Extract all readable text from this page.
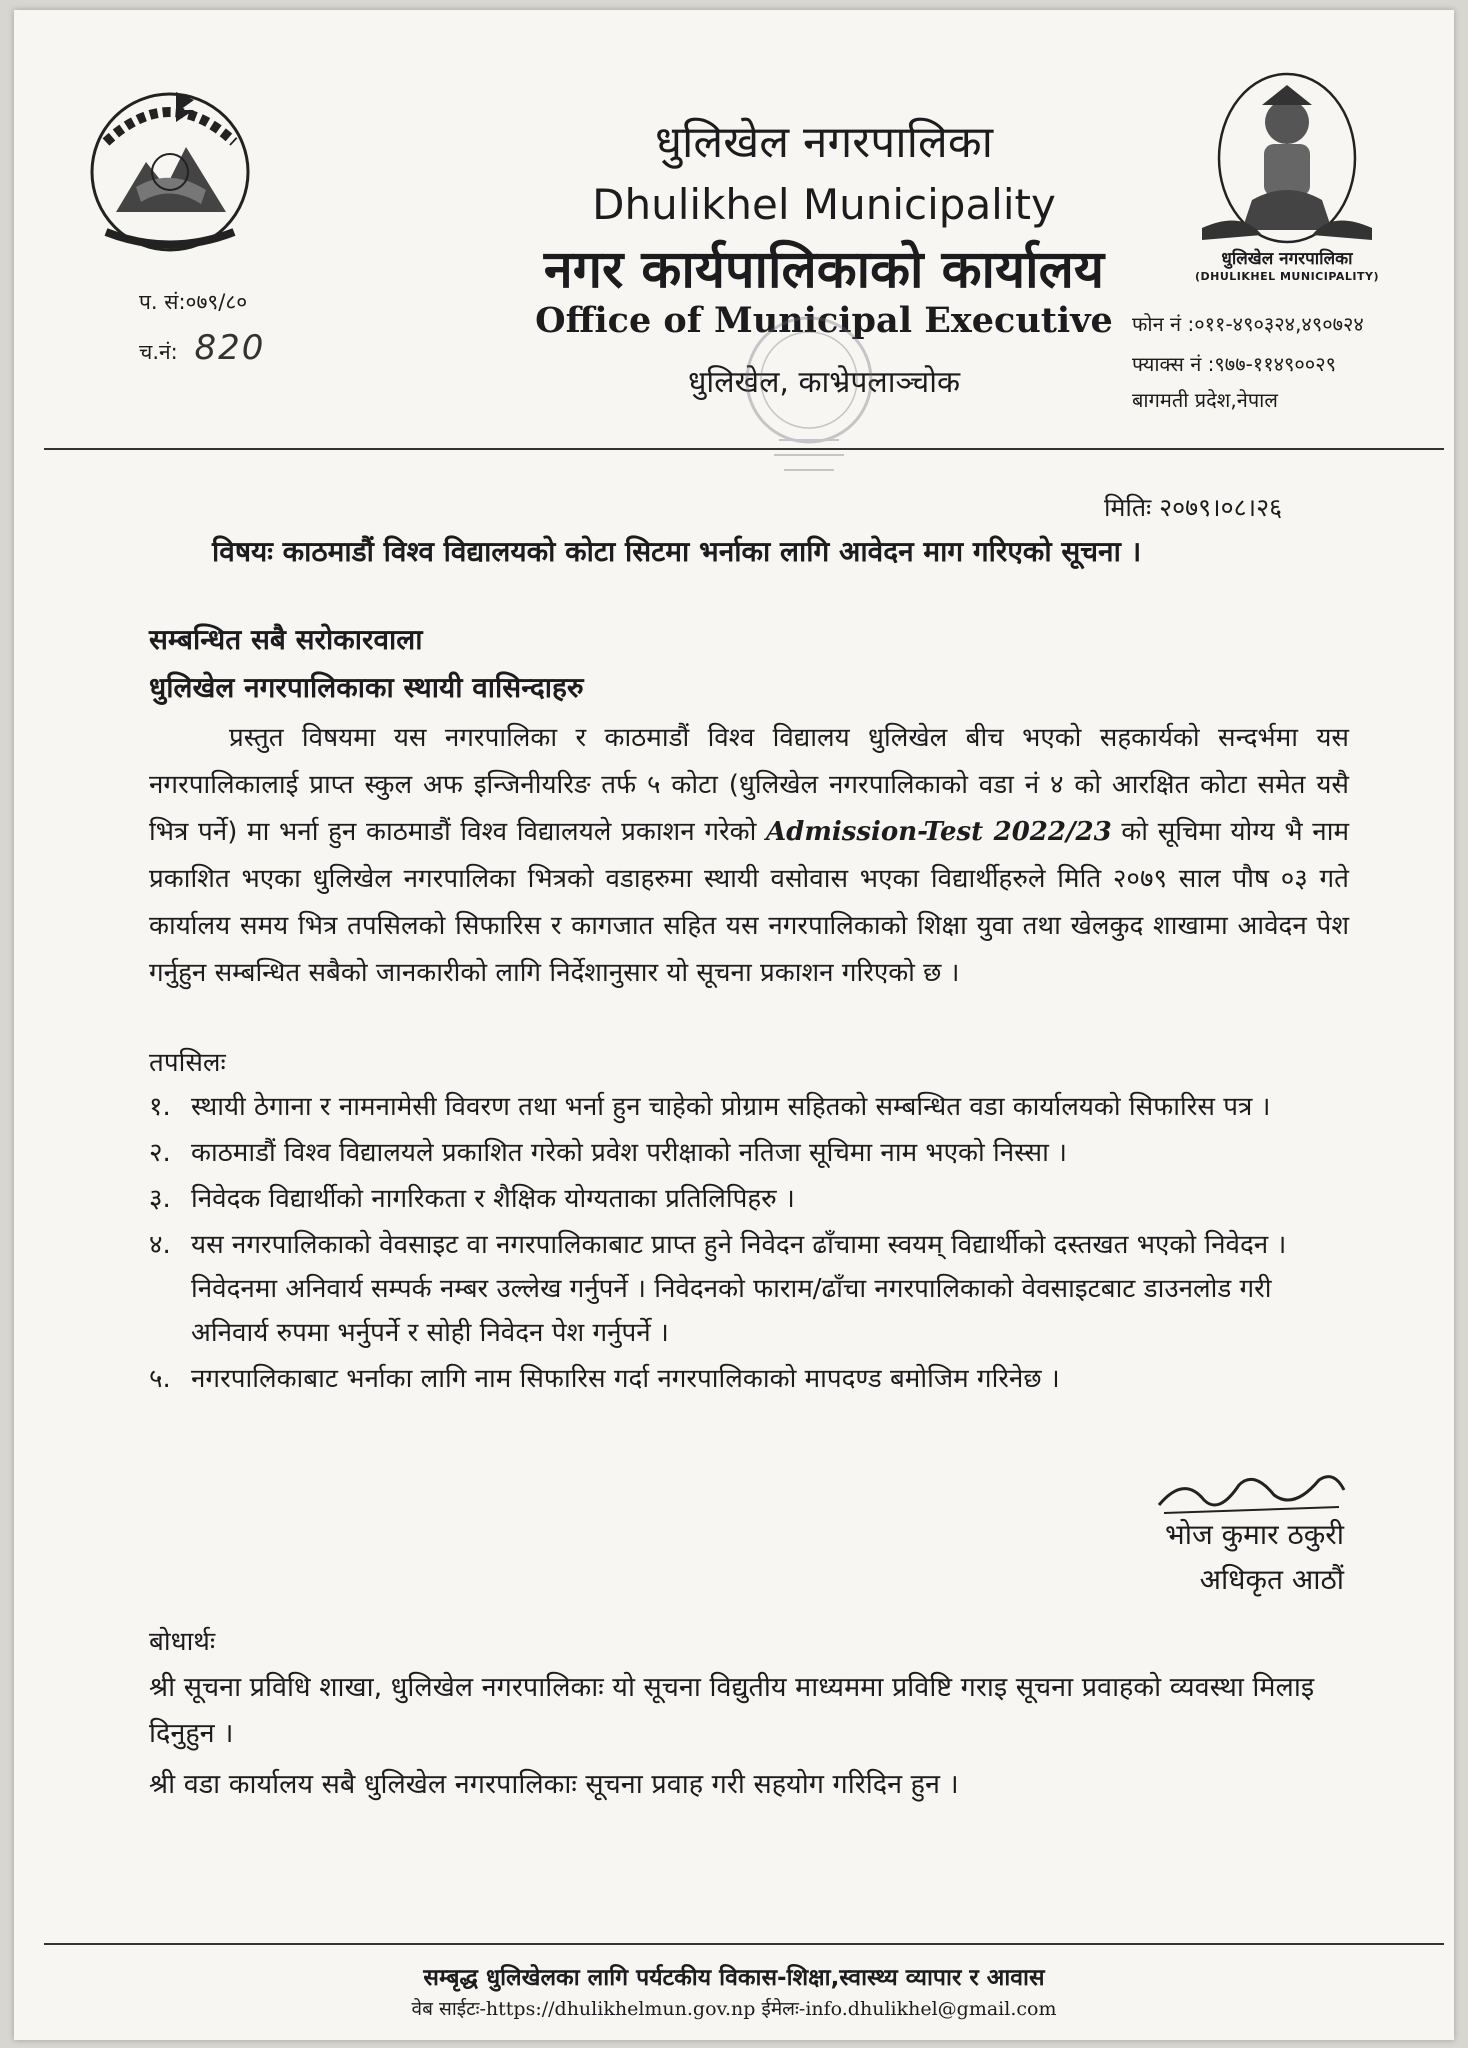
धुलिखेल नगरपालिका
(DHULIKHEL MUNICIPALITY)
धुलिखेल नगरपालिका
Dhulikhel Municipality
नगर कार्यपालिकाको कार्यालय
Office of Municipal Executive
धुलिखेल, काभ्रेपलाञ्चोक
प. सं:०७९/८०
च.नं: 820
फोन नं :०११-४९०३२४,४९०७२४
फ्याक्स नं :९७७-११४९००२९
बागमती प्रदेश,नेपाल
मितिः २०७९।०८।२६
विषयः काठमाडौं विश्व विद्यालयको कोटा सिटमा भर्नाका लागि आवेदन माग गरिएको सूचना ।
सम्बन्धित सबै सरोकारवाला
धुलिखेल नगरपालिकाका स्थायी वासिन्दाहरु
प्रस्तुत विषयमा यस नगरपालिका र काठमाडौं विश्व विद्यालय धुलिखेल बीच भएको सहकार्यको सन्दर्भमा यस नगरपालिकालाई प्राप्त स्कुल अफ इन्जिनीयरिङ तर्फ ५ कोटा (धुलिखेल नगरपालिकाको वडा नं ४ को आरक्षित कोटा समेत यसै भित्र पर्ने) मा भर्ना हुन काठमाडौं विश्व विद्यालयले प्रकाशन गरेको Admission-Test 2022/23 को सूचिमा योग्य भै नाम प्रकाशित भएका धुलिखेल नगरपालिका भित्रको वडाहरुमा स्थायी वसोवास भएका विद्यार्थीहरुले मिति २०७९ साल पौष ०३ गते कार्यालय समय भित्र तपसिलको सिफारिस र कागजात सहित यस नगरपालिकाको शिक्षा युवा तथा खेलकुद शाखामा आवेदन पेश गर्नुहुन सम्बन्धित सबैको जानकारीको लागि निर्देशानुसार यो सूचना प्रकाशन गरिएको छ ।
तपसिलः
१. स्थायी ठेगाना र नामनामेसी विवरण तथा भर्ना हुन चाहेको प्रोग्राम सहितको सम्बन्धित वडा कार्यालयको सिफारिस पत्र ।
२. काठमाडौं विश्व विद्यालयले प्रकाशित गरेको प्रवेश परीक्षाको नतिजा सूचिमा नाम भएको निस्सा ।
३. निवेदक विद्यार्थीको नागरिकता र शैक्षिक योग्यताका प्रतिलिपिहरु ।
४. यस नगरपालिकाको वेवसाइट वा नगरपालिकाबाट प्राप्त हुने निवेदन ढाँचामा स्वयम् विद्यार्थीको दस्तखत भएको निवेदन । निवेदनमा अनिवार्य सम्पर्क नम्बर उल्लेख गर्नुपर्ने । निवेदनको फाराम/ढाँचा नगरपालिकाको वेवसाइटबाट डाउनलोड गरी अनिवार्य रुपमा भर्नुपर्ने र सोही निवेदन पेश गर्नुपर्ने ।
५. नगरपालिकाबाट भर्नाका लागि नाम सिफारिस गर्दा नगरपालिकाको मापदण्ड बमोजिम गरिनेछ ।
भोज कुमार ठकुरी
अधिकृत आठौं
बोधार्थः
श्री सूचना प्रविधि शाखा, धुलिखेल नगरपालिकाः यो सूचना विद्युतीय माध्यममा प्रविष्टि गराइ सूचना प्रवाहको व्यवस्था मिलाइ दिनुहुन ।
श्री वडा कार्यालय सबै धुलिखेल नगरपालिकाः सूचना प्रवाह गरी सहयोग गरिदिन हुन ।
सम्बृद्ध धुलिखेलका लागि पर्यटकीय विकास-शिक्षा,स्वास्थ्य व्यापार र आवास
वेब साईटः-https://dhulikhelmun.gov.np ईमेलः-info.dhulikhel@gmail.com
